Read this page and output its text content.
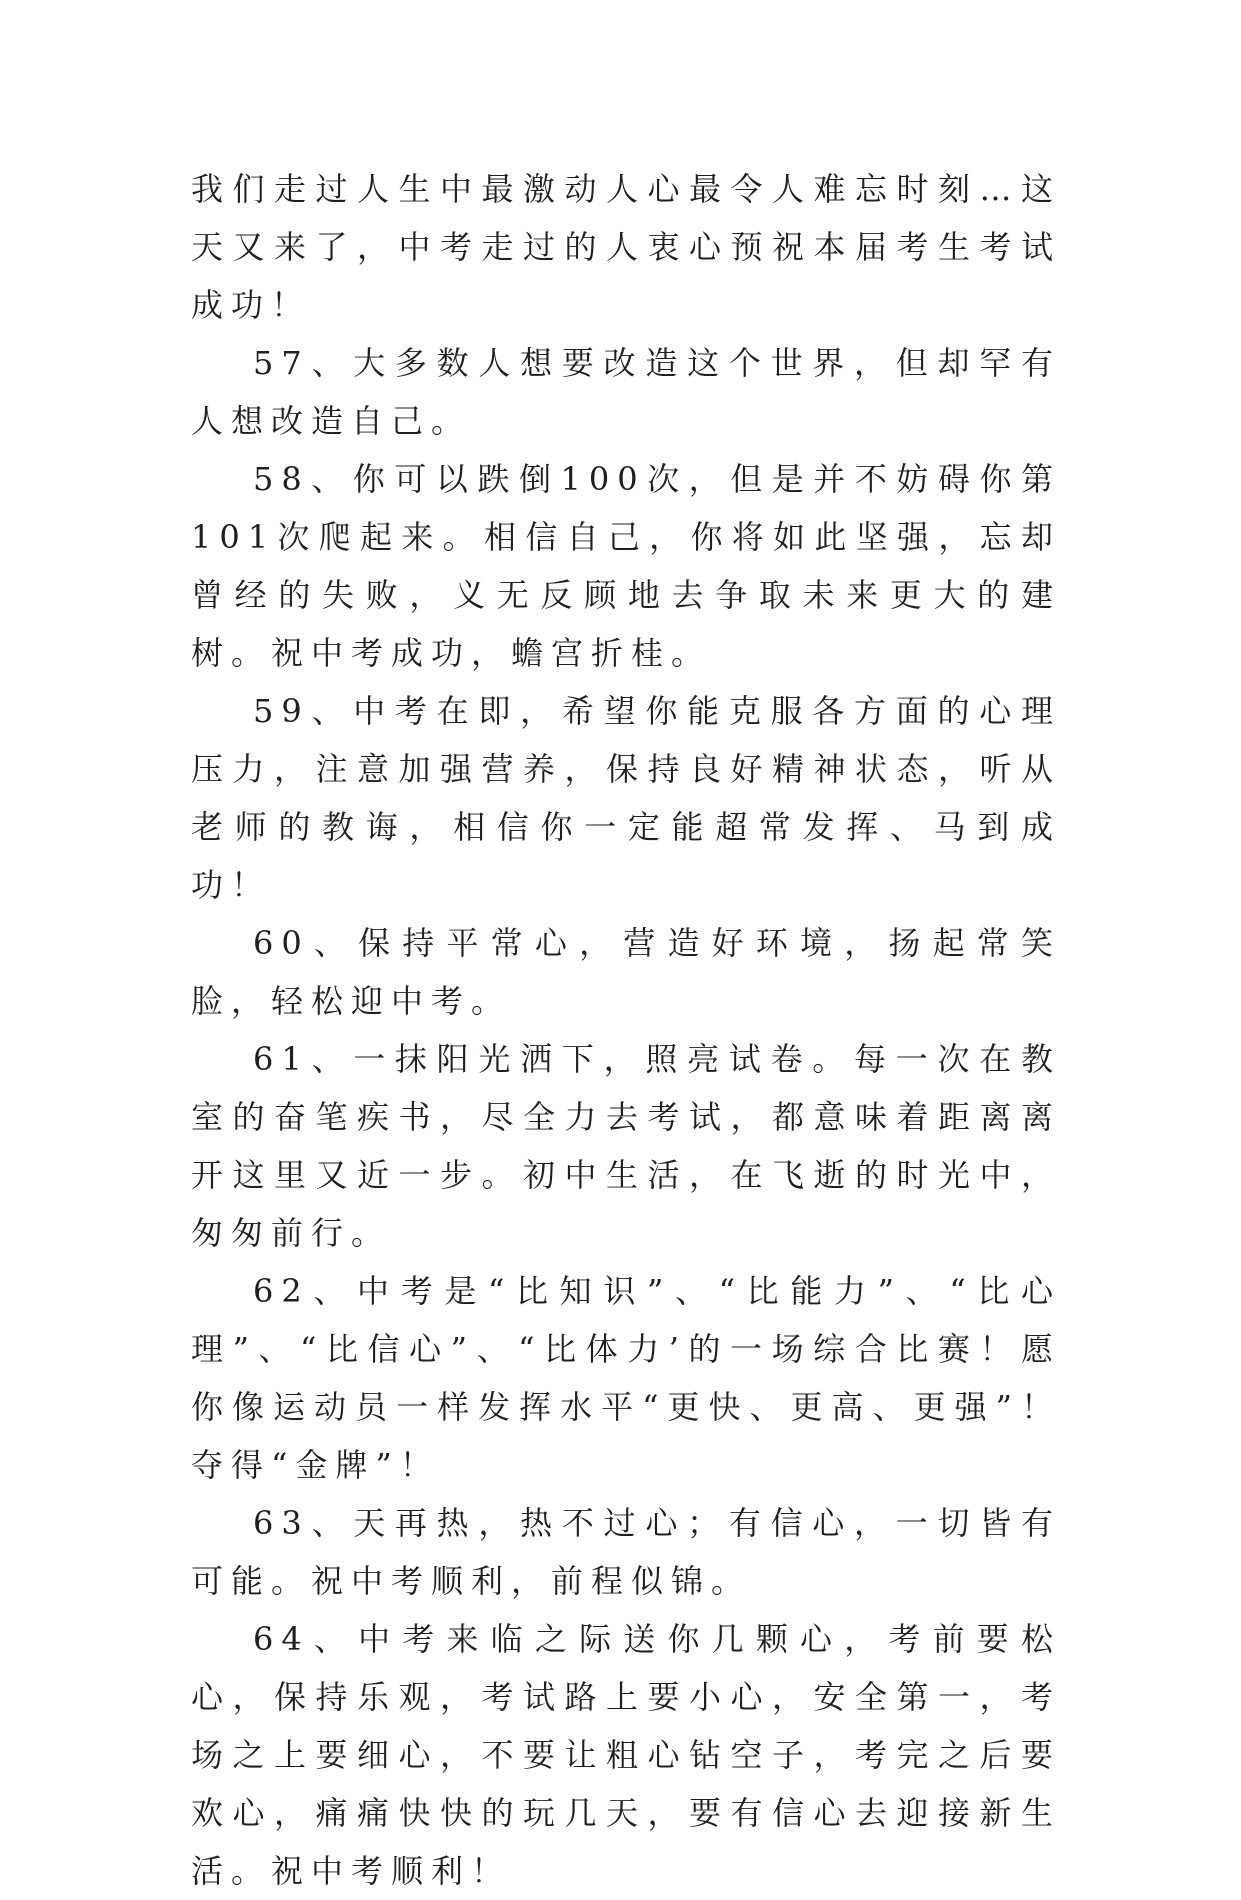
我们走过人生中最激动人心最令人难忘时刻…这天又来了，中考走过的人衷心预祝本届考生考试成功！

57、大多数人想要改造这个世界，但却罕有人想改造自己。

58、你可以跌倒100次，但是并不妨碍你第101次爬起来。相信自己，你将如此坚强，忘却曾经的失败，义无反顾地去争取未来更大的建树。祝中考成功，蟾宫折桂。

59、中考在即，希望你能克服各方面的心理压力，注意加强营养，保持良好精神状态，听从老师的教诲，相信你一定能超常发挥、马到成功！

60、保持平常心，营造好环境，扬起常笑脸，轻松迎中考。

61、一抹阳光洒下，照亮试卷。每一次在教室的奋笔疾书，尽全力去考试，都意味着距离离开这里又近一步。初中生活，在飞逝的时光中，匆匆前行。

62、中考是“比知识”、“比能力”、“比心理”、“比信心”、“比体力’的一场综合比赛！愿你像运动员一样发挥水平“更快、更高、更强”！夺得“金牌”！

63、天再热，热不过心；有信心，一切皆有可能。祝中考顺利，前程似锦。

64、中考来临之际送你几颗心，考前要松心，保持乐观，考试路上要小心，安全第一，考场之上要细心，不要让粗心钻空子，考完之后要欢心，痛痛快快的玩几天，要有信心去迎接新生活。祝中考顺利！
